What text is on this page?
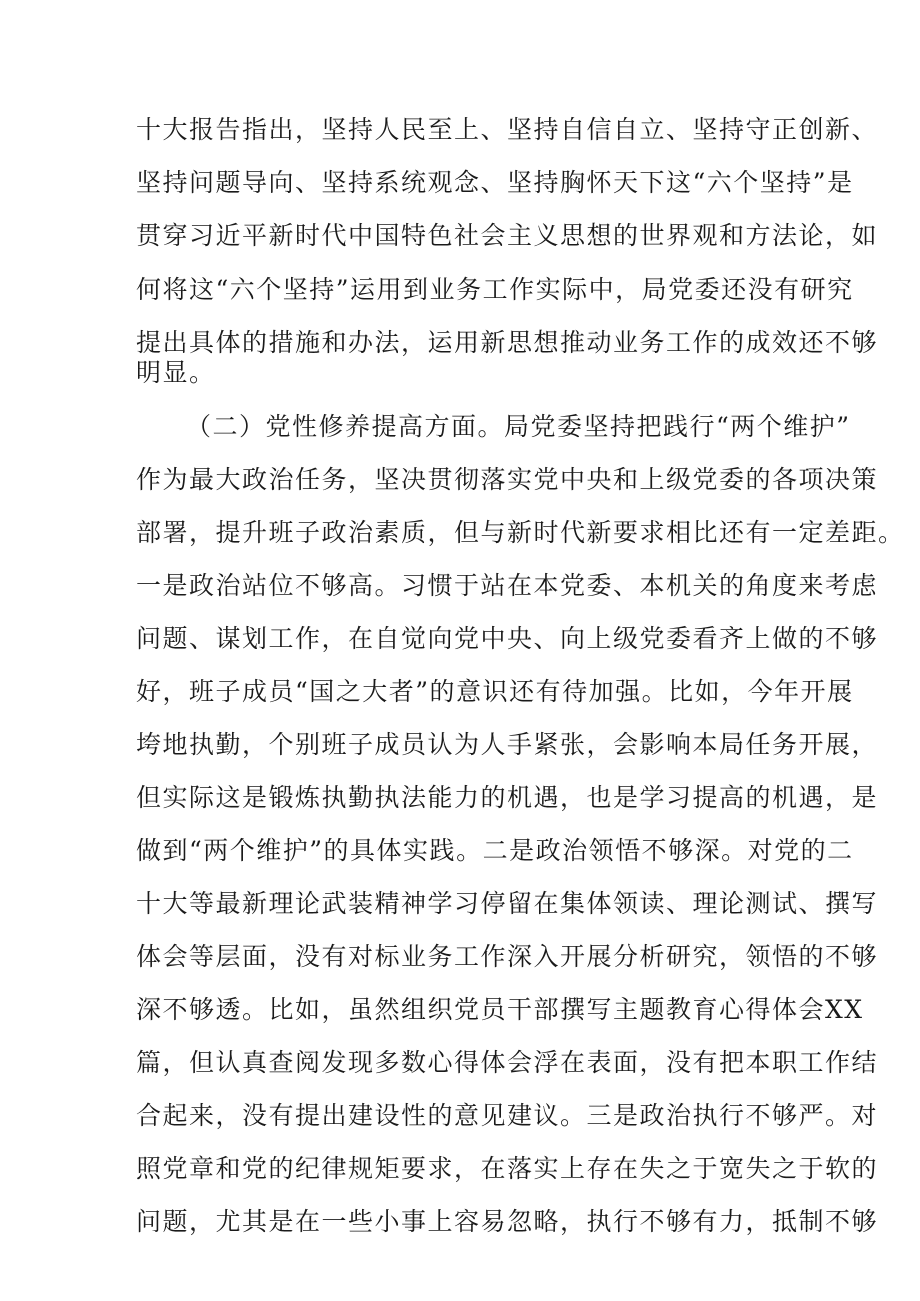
十大报告指出，坚持人民至上、坚持自信自立、坚持守正创新、
坚持问题导向、坚持系统观念、坚持胸怀天下这“六个坚持”是
贯穿习近平新时代中国特色社会主义思想的世界观和方法论，如
何将这“六个坚持”运用到业务工作实际中，局党委还没有研究
提出具体的措施和办法，运用新思想推动业务工作的成效还不够
明显。
（二）党性修养提高方面。局党委坚持把践行“两个维护”
作为最大政治任务，坚决贯彻落实党中央和上级党委的各项决策
部署，提升班子政治素质，但与新时代新要求相比还有一定差距。
一是政治站位不够高。习惯于站在本党委、本机关的角度来考虑
问题、谋划工作，在自觉向党中央、向上级党委看齐上做的不够
好，班子成员“国之大者”的意识还有待加强。比如，今年开展
垮地执勤，个别班子成员认为人手紧张，会影响本局任务开展，
但实际这是锻炼执勤执法能力的机遇，也是学习提高的机遇，是
做到“两个维护”的具体实践。二是政治领悟不够深。对党的二
十大等最新理论武装精神学习停留在集体领读、理论测试、撰写
体会等层面，没有对标业务工作深入开展分析研究，领悟的不够
深不够透。比如，虽然组织党员干部撰写主题教育心得体会XX
篇，但认真查阅发现多数心得体会浮在表面，没有把本职工作结
合起来，没有提出建设性的意见建议。三是政治执行不够严。对
照党章和党的纪律规矩要求，在落实上存在失之于宽失之于软的
问题，尤其是在一些小事上容易忽略，执行不够有力，抵制不够
